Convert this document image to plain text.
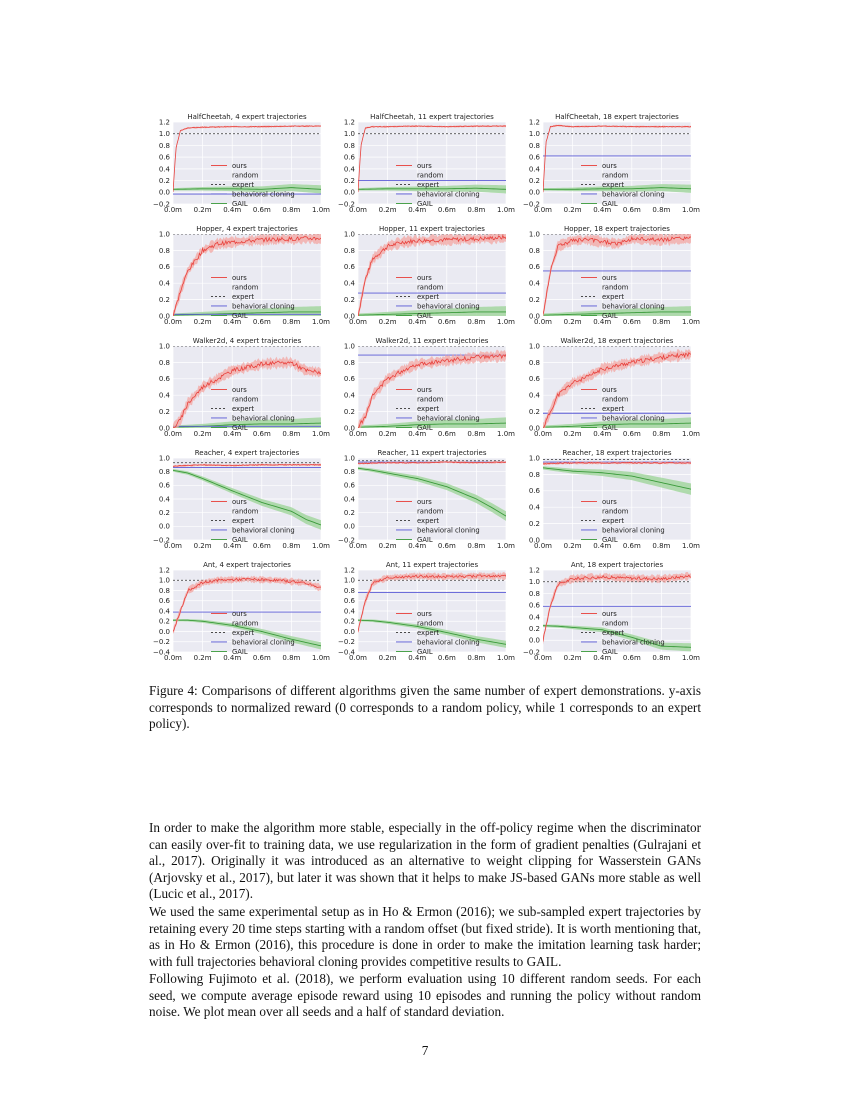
1.2
1.0
0.8
0.6
0.4
0.2
0.0
−0.2
0.0m 0.2m 0.4m 0.6m 0.8m 1.0m
HalfCheetah, 4 expert trajectories
ours
random
expert
behavioral cloning
GAIL
1.2
1.0
0.8
0.6
0.4
0.2
0.0
−0.2
0.0m 0.2m 0.4m 0.6m 0.8m 1.0m
HalfCheetah, 11 expert trajectories
ours
random
expert
behavioral cloning
GAIL
1.2
1.0
0.8
0.6
0.4
0.2
0.0
−0.2
0.0m 0.2m 0.4m 0.6m 0.8m 1.0m
HalfCheetah, 18 expert trajectories
ours
random
expert
behavioral cloning
GAIL
1.0
0.8
0.6
0.4
0.2
0.0
0.0m 0.2m 0.4m 0.6m 0.8m 1.0m
Hopper, 4 expert trajectories
ours
random
expert
behavioral cloning
GAIL
1.0
0.8
0.6
0.4
0.2
0.0
0.0m 0.2m 0.4m 0.6m 0.8m 1.0m
Hopper, 11 expert trajectories
ours
random
expert
behavioral cloning
GAIL
1.0
0.8
0.6
0.4
0.2
0.0
0.0m 0.2m 0.4m 0.6m 0.8m 1.0m
Hopper, 18 expert trajectories
ours
random
expert
behavioral cloning
GAIL
1.0
0.8
0.6
0.4
0.2
0.0
0.0m 0.2m 0.4m 0.6m 0.8m 1.0m
Walker2d, 4 expert trajectories
ours
random
expert
behavioral cloning
GAIL
1.0
0.8
0.6
0.4
0.2
0.0
0.0m 0.2m 0.4m 0.6m 0.8m 1.0m
Walker2d, 11 expert trajectories
ours
random
expert
behavioral cloning
GAIL
1.0
0.8
0.6
0.4
0.2
0.0
0.0m 0.2m 0.4m 0.6m 0.8m 1.0m
Walker2d, 18 expert trajectories
ours
random
expert
behavioral cloning
GAIL
1.0
0.8
0.6
0.4
0.2
0.0
−0.2
0.0m 0.2m 0.4m 0.6m 0.8m 1.0m
Reacher, 4 expert trajectories
ours
random
expert
behavioral cloning
GAIL
1.0
0.8
0.6
0.4
0.2
0.0
−0.2
0.0m 0.2m 0.4m 0.6m 0.8m 1.0m
Reacher, 11 expert trajectories
ours
random
expert
behavioral cloning
GAIL
1.0
0.8
0.6
0.4
0.2
0.0
0.0m 0.2m 0.4m 0.6m 0.8m 1.0m
Reacher, 18 expert trajectories
ours
random
expert
behavioral cloning
GAIL
1.2
1.0
0.8
0.6
0.4
0.2
0.0
−0.2
−0.4
0.0m 0.2m 0.4m 0.6m 0.8m 1.0m
Ant, 4 expert trajectories
ours
random
expert
behavioral cloning
GAIL
1.2
1.0
0.8
0.6
0.4
0.2
0.0
−0.2
−0.4
0.0m 0.2m 0.4m 0.6m 0.8m 1.0m
Ant, 11 expert trajectories
ours
random
expert
behavioral cloning
GAIL
1.2
1.0
0.8
0.6
0.4
0.2
0.0
−0.2
0.0m 0.2m 0.4m 0.6m 0.8m 1.0m
Ant, 18 expert trajectories
ours
random
expert
behavioral cloning
GAIL

Figure 4: Comparisons of different algorithms given the same number of expert demonstrations. y-axis corresponds to normalized reward (0 corresponds to a random policy, while 1 corresponds to an expert policy).

In order to make the algorithm more stable, especially in the off-policy regime when the discriminator can easily over-fit to training data, we use regularization in the form of gradient penalties (Gulrajani et al., 2017). Originally it was introduced as an alternative to weight clipping for Wasserstein GANs (Arjovsky et al., 2017), but later it was shown that it helps to make JS-based GANs more stable as well (Lucic et al., 2017).

We used the same experimental setup as in Ho & Ermon (2016); we sub-sampled expert trajectories by retaining every 20 time steps starting with a random offset (but fixed stride). It is worth mentioning that, as in Ho & Ermon (2016), this procedure is done in order to make the imitation learning task harder; with full trajectories behavioral cloning provides competitive results to GAIL.

Following Fujimoto et al. (2018), we perform evaluation using 10 different random seeds. For each seed, we compute average episode reward using 10 episodes and running the policy without random noise. We plot mean over all seeds and a half of standard deviation.

7
